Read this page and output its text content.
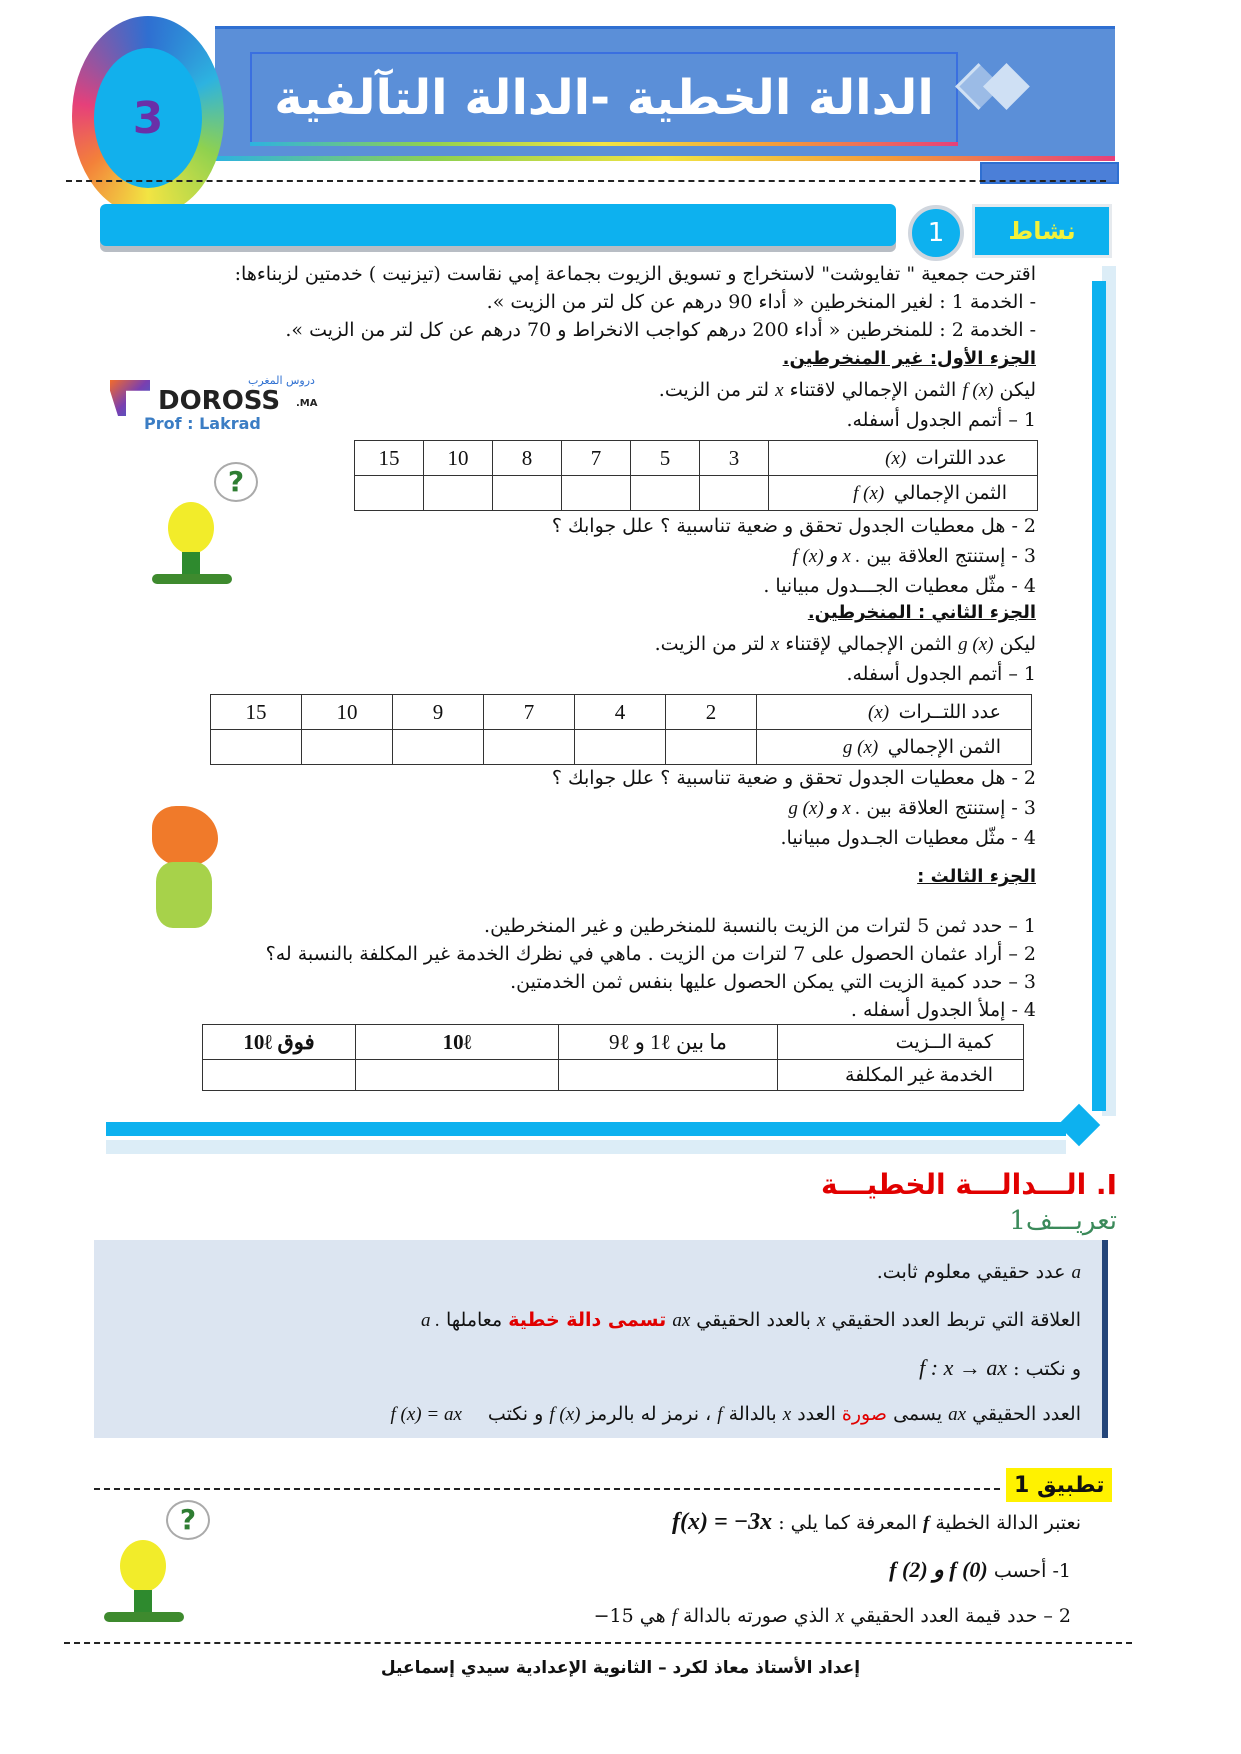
الدالة الخطية -الدالة التآلفية
3
1	نشاط
اقترحت جمعية " تفايوشت" لاستخراج و تسويق الزيوت بجماعة إمي نقاست (تيزنيت ) خدمتين لزبناءها:
- الخدمة 1 : لغير المنخرطين « أداء 90 درهم عن كل لتر من الزيت ».
- الخدمة 2 : للمنخرطين « أداء 200 درهم كواجب الانخراط و 70 درهم عن كل لتر من الزيت ».
الجزء الأول: غير المنخرطين.
ليكن f (x) الثمن الإجمالي لاقتناء x لتر من الزيت.
1 – أتمم الجدول أسفله.
15	10	8	7	5	3	عدد اللترات  (x)
						الثمن الإجمالي  f (x)
2 - هل معطيات الجدول تحقق و ضعية تناسبية ؟ علل جوابك ؟
3 - إستنتج العلاقة بين f (x) و x .
4 - مثّل معطيات الجـــدول مبيانيا .
الجزء الثاني : المنخرطين.
ليكن g (x) الثمن الإجمالي لإقتناء x لتر من الزيت.
1 – أتمم الجدول أسفله.
15	10	9	7	4	2	عدد اللتــرات  (x)
						الثمن الإجمالي  g (x)
2 - هل معطيات الجدول تحقق و ضعية تناسبية ؟ علل جوابك ؟
3 - إستنتج العلاقة بين g (x) و x .
4 - مثّل معطيات الجـدول مبيانيا.
الجزء الثالث :
1 – حدد ثمن 5 لترات من الزيت بالنسبة للمنخرطين و غير المنخرطين.
2 – أراد عثمان الحصول على 7 لترات من الزيت . ماهي في نظرك الخدمة غير المكلفة بالنسبة له؟
3 – حدد كمية الزيت التي يمكن الحصول عليها بنفس ثمن الخدمتين.
4 - إملأ الجدول أسفله .
فوق 10ℓ	10ℓ	ما بين 1ℓ و 9ℓ	كمية الــزيت
			الخدمة غير المكلفة
دروس المغرب
DOROSS .MA
Prof : Lakrad
?
I. الـــدالـــة الخطيـــة
تعريـــف1
a عدد حقيقي معلوم ثابت.
العلاقة التي تربط العدد الحقيقي x بالعدد الحقيقي ax تسمى دالة خطية معاملها a .
و نكتب : f : x → ax
العدد الحقيقي ax يسمى صورة العدد x بالدالة f ، نرمز له بالرمز f (x) و نكتب f (x) = ax
تطبيق 1
نعتبر الدالة الخطية f المعرفة كما يلي : f(x) = −3x
1- أحسب f (2) و f (0)
2 – حدد قيمة العدد الحقيقي x الذي صورته بالدالة f هي 15−
?
إعداد الأستاذ معاذ لكرد – الثانوية الإعدادية سيدي إسماعيل
